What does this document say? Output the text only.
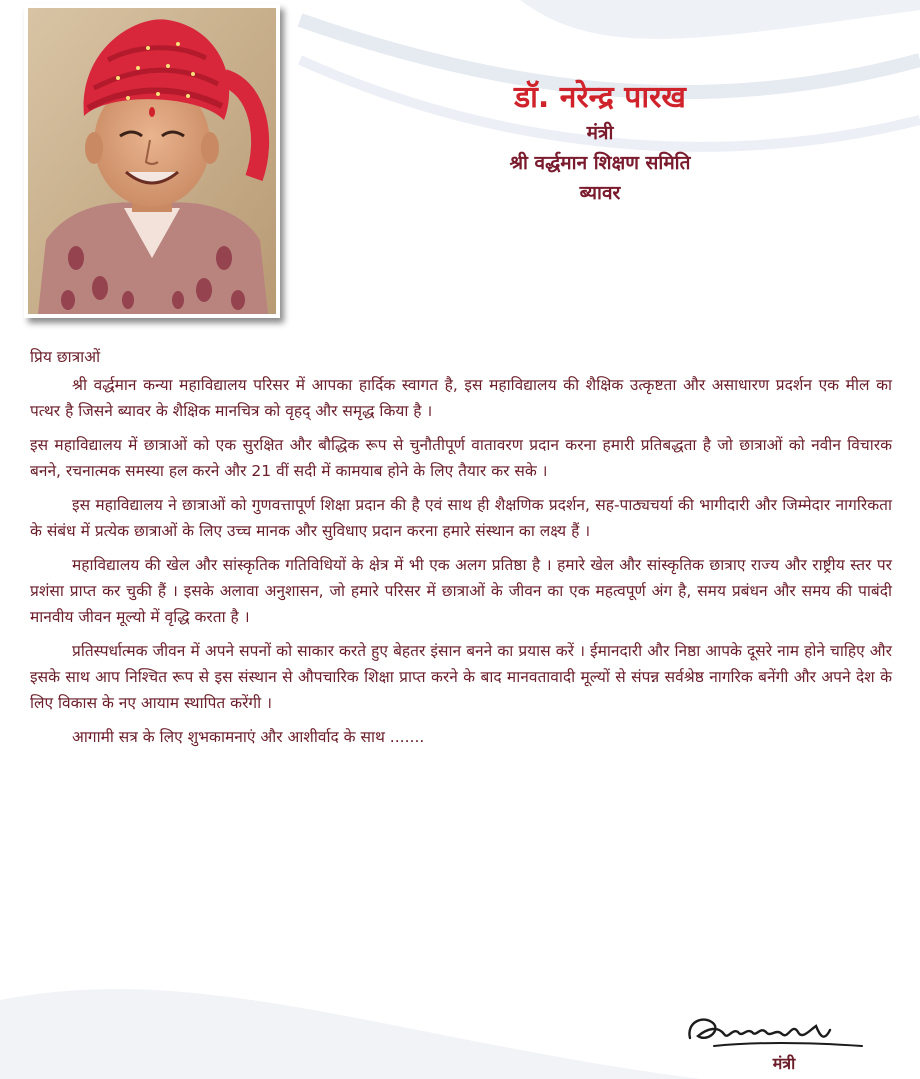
डॉ. नरेन्द्र पारख
मंत्री
श्री वर्द्धमान शिक्षण समिति
ब्यावर
प्रिय छात्राओं

श्री वर्द्धमान कन्या महाविद्यालय परिसर में आपका हार्दिक स्वागत है, इस महाविद्यालय की शैक्षिक उत्कृष्टता और असाधारण प्रदर्शन एक मील का पत्थर है जिसने ब्यावर के शैक्षिक मानचित्र को वृहद् और समृद्ध किया है ।

इस महाविद्यालय में छात्राओं को एक सुरक्षित और बौद्धिक रूप से चुनौतीपूर्ण वातावरण प्रदान करना हमारी प्रतिबद्धता है जो छात्राओं को नवीन विचारक बनने, रचनात्मक समस्या हल करने और 21 वीं सदी में कामयाब होने के लिए तैयार कर सके ।

इस महाविद्यालय ने छात्राओं को गुणवत्तापूर्ण शिक्षा प्रदान की है एवं साथ ही शैक्षणिक प्रदर्शन, सह-पाठ्यचर्या की भागीदारी और जिम्मेदार नागरिकता के संबंध में प्रत्येक छात्राओं के लिए उच्च मानक और सुविधाए प्रदान करना हमारे संस्थान का लक्ष्य हैं ।

महाविद्यालय की खेल और सांस्कृतिक गतिविधियों के क्षेत्र में भी एक अलग प्रतिष्ठा है । हमारे खेल और सांस्कृतिक छात्राए राज्य और राष्ट्रीय स्तर पर प्रशंसा प्राप्त कर चुकी हैं । इसके अलावा अनुशासन, जो हमारे परिसर में छात्राओं के जीवन का एक महत्वपूर्ण अंग है, समय प्रबंधन और समय की पाबंदी मानवीय जीवन मूल्यो में वृद्धि करता है ।

प्रतिस्पर्धात्मक जीवन में अपने सपनों को साकार करते हुए बेहतर इंसान बनने का प्रयास करें । ईमानदारी और निष्ठा आपके दूसरे नाम होने चाहिए और इसके साथ आप निश्चित रूप से इस संस्थान से औपचारिक शिक्षा प्राप्त करने के बाद मानवतावादी मूल्यों से संपन्न सर्वश्रेष्ठ नागरिक बनेंगी और अपने देश के लिए विकास के नए आयाम स्थापित करेंगी ।

आगामी सत्र के लिए शुभकामनाएं और आशीर्वाद के साथ .......

मंत्री
